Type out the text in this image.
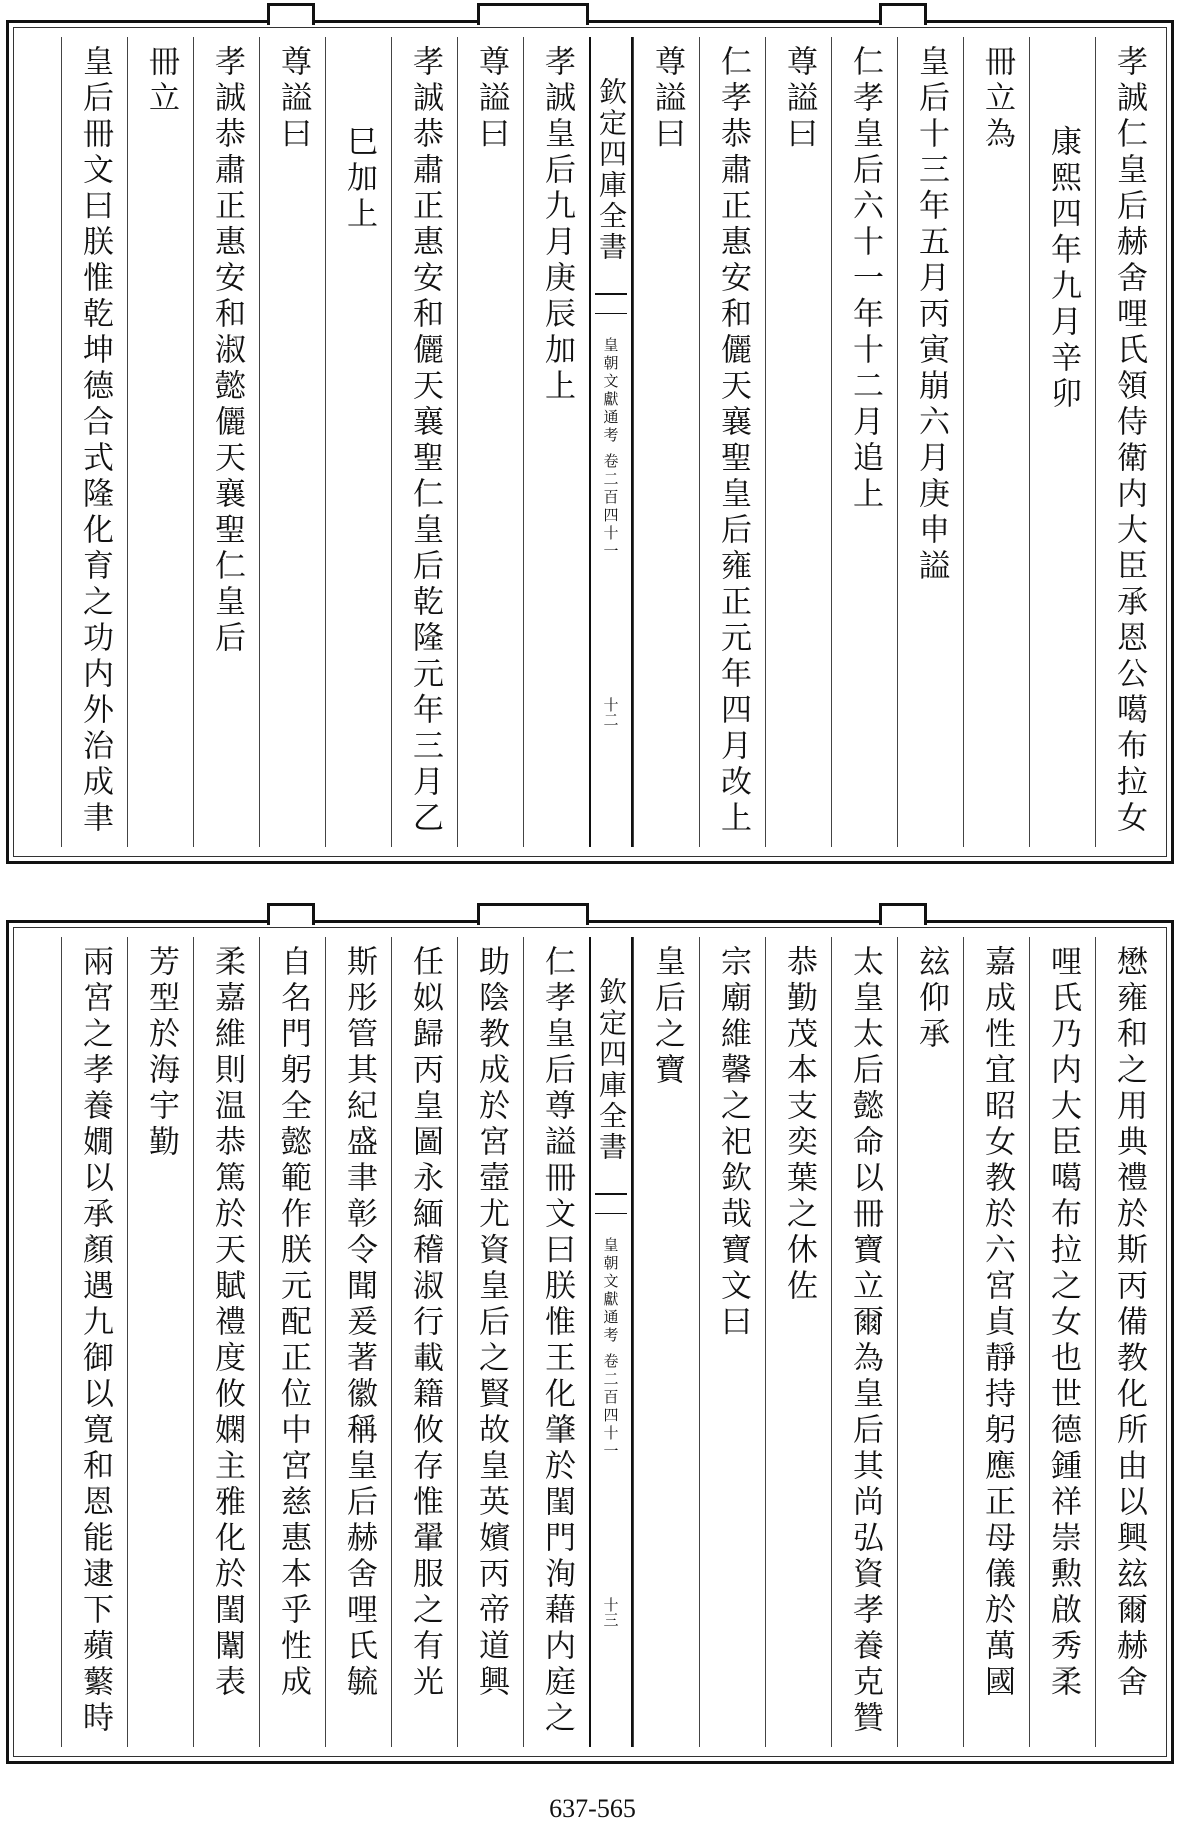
孝誠仁皇后赫舍哩氏領侍衛内大臣承恩公噶布拉女
康熙四年九月辛卯
冊立為
皇后十三年五月丙寅崩六月庚申謚
仁孝皇后六十一年十二月追上
尊謚曰
仁孝恭肅正惠安和儷天襄聖皇后雍正元年四月改上
尊謚曰
欽定四庫全書
皇朝文獻通考 卷二百四十一
十二
孝誠皇后九月庚辰加上
尊謚曰
孝誠恭肅正惠安和儷天襄聖仁皇后乾隆元年三月乙
巳加上
尊謚曰
孝誠恭肅正惠安和淑懿儷天襄聖仁皇后
冊立
皇后冊文曰朕惟乾坤德合式隆化育之功内外治成聿
懋雍和之用典禮於斯丙備教化所由以興玆爾赫舍
哩氏乃内大臣噶布拉之女也世德鍾祥崇勲啟秀柔
嘉成性宜昭女教於六宮貞靜持躬應正母儀於萬國
玆仰承
太皇太后懿命以冊寶立爾為皇后其尚弘資孝養克贊
恭勤茂本支奕葉之休佐
宗廟維馨之祀欽哉寶文曰
皇后之寶
欽定四庫全書
皇朝文獻通考 卷二百四十一
十三
仁孝皇后尊謚冊文曰朕惟王化肇於閨門洵藉内庭之
助陰教成於宮壼尤資皇后之賢故皇英嬪丙帝道興
任姒歸丙皇圖永緬稽淑行載籍攸存惟翬服之有光
斯彤管其紀盛聿彰令聞爰著徽稱皇后赫舍哩氏毓
自名門躬全懿範作朕元配正位中宮慈惠本乎性成
柔嘉維則温恭篤於天賦禮度攸嫻主雅化於閨闈表
芳型於海宇勤
兩宮之孝養嫺以承顏遇九御以寛和恩能逮下蘋蘩時
637-565
